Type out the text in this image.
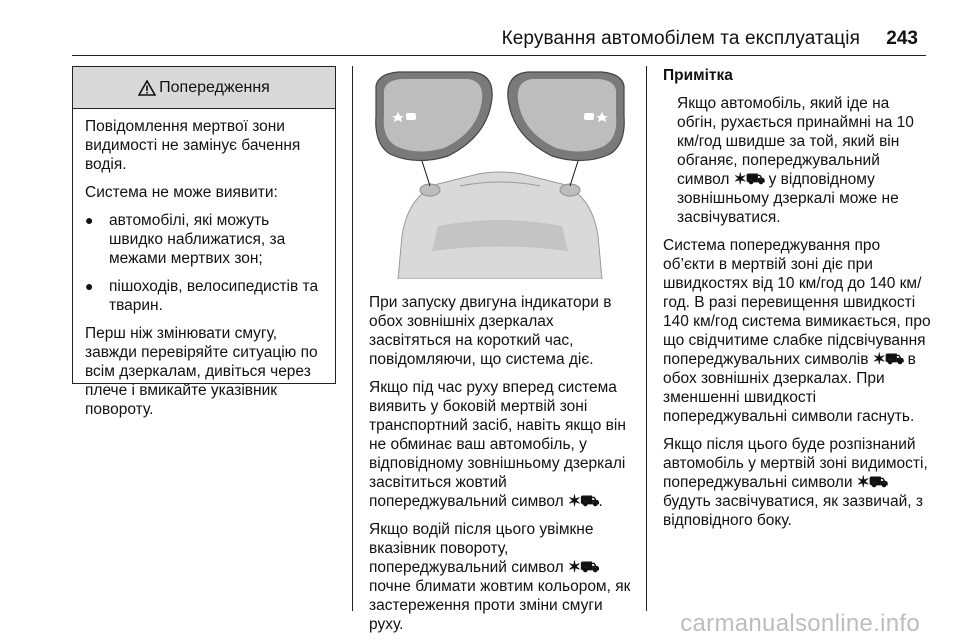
Керування автомобілем та експлуатація 243
Попередження

Повідомлення мертвої зони видимості не замінує бачення водія.

Система не може виявити:

●	автомобілі, які можуть швидко наближатися, за межами мертвих зон;
●	пішоходів, велосипедистів та тварин.

Перш ніж змінювати смугу, завжди перевіряйте ситуацію по всім дзеркалам, дивіться через плече і вмикайте указівник повороту.

При запуску двигуна індикатори в обох зовнішніх дзеркалах засвітяться на короткий час, повідомляючи, що система діє.

Якщо під час руху вперед система виявить у боковій мертвій зоні транспортний засіб, навіть якщо він не обминає ваш автомобіль, у відповідному зовнішньому дзеркалі засвітиться жовтий попереджувальний символ ✶⛟.

Якщо водій після цього увімкне вказівник повороту, попереджувальний символ ✶⛟ почне блимати жовтим кольором, як застереження проти зміни смуги руху.

Примітка

Якщо автомобіль, який іде на обгін, рухається принаймні на 10 км/год швидше за той, який він обганяє, попереджувальний символ ✶⛟ у відповідному зовнішньому дзеркалі може не засвічуватися.

Система попереджування про об’єкти в мертвій зоні діє при швидкостях від 10 км/год до 140 км/год. В разі перевищення швидкості 140 км/год система вимикається, про що свідчитиме слабке підсвічування попереджувальних символів ✶⛟ в обох зовнішніх дзеркалах. При зменшенні швидкості попереджувальні символи гаснуть.

Якщо після цього буде розпізнаний автомобіль у мертвій зоні видимості, попереджувальні символи ✶⛟ будуть засвічуватися, як зазвичай, з відповідного боку.

carmanualsonline.info
